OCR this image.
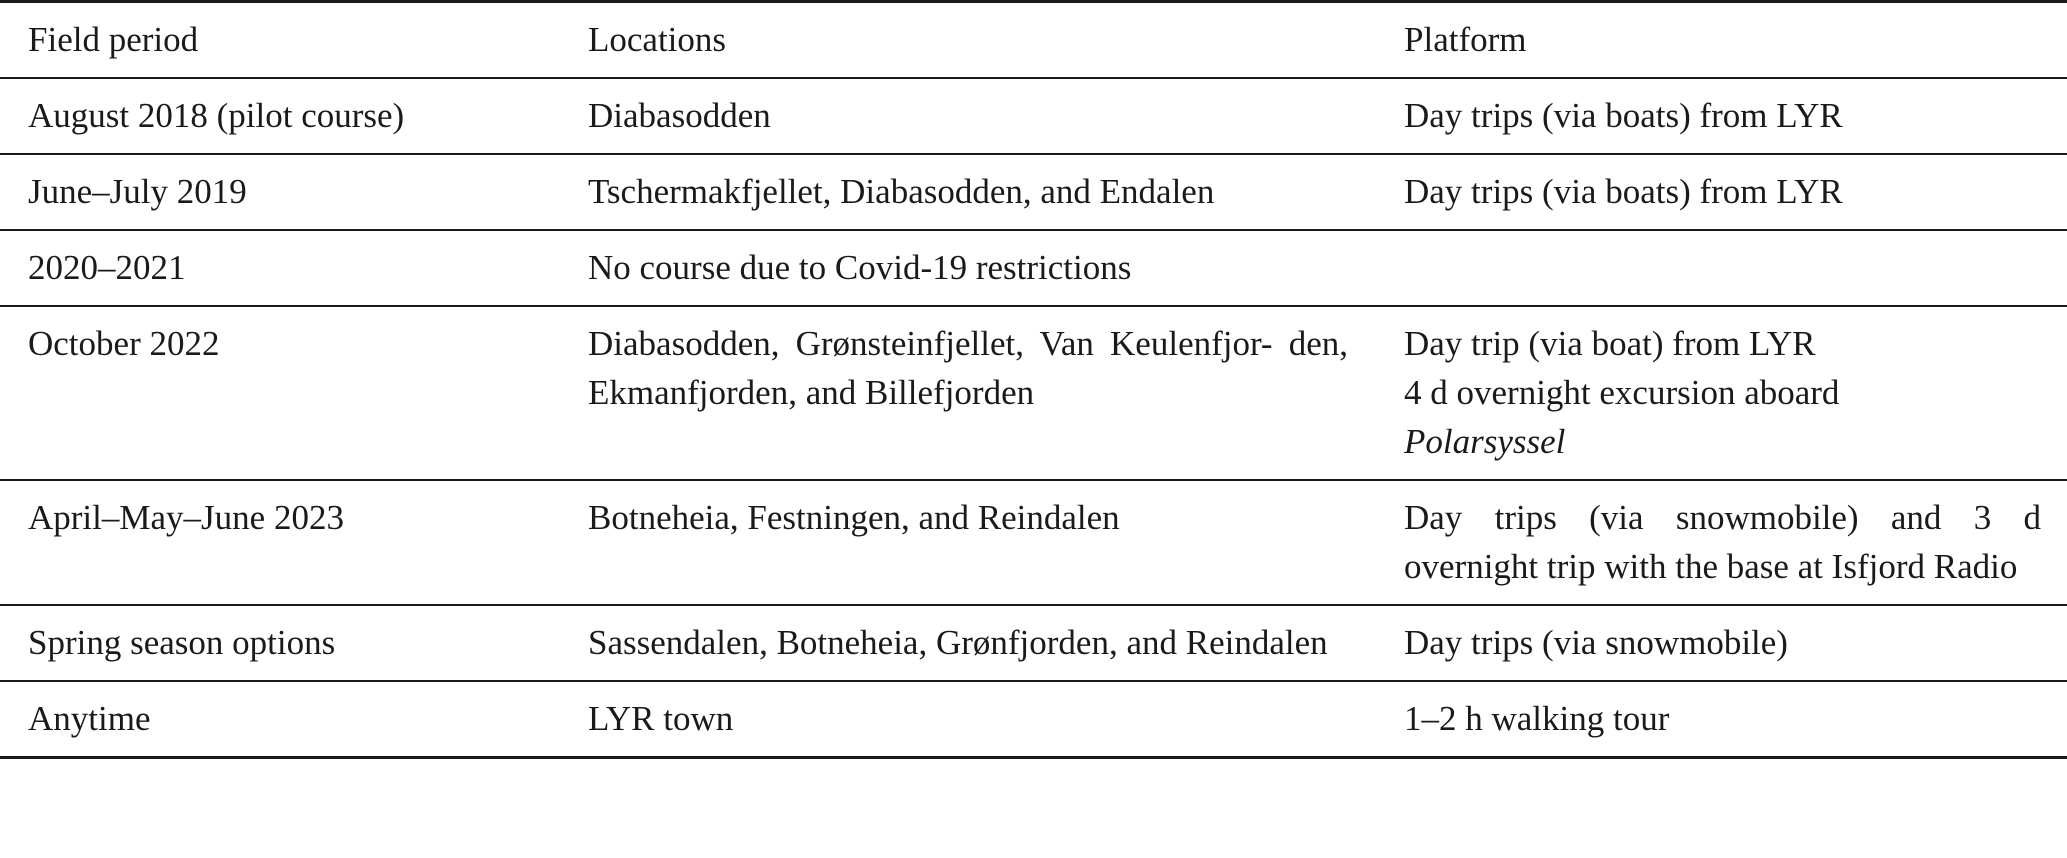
Field period	Locations	Platform
August 2018 (pilot course)	Diabasodden	Day trips (via boats) from LYR
June–July 2019	Tschermakfjellet, Diabasodden, and Endalen	Day trips (via boats) from LYR
2020–2021	No course due to Covid-19 restrictions	
October 2022	Diabasodden, Grønsteinfjellet, Van Keulenfjor- den, Ekmanfjorden, and Billefjorden	Day trip (via boat) from LYR
4 d overnight excursion aboard
Polarsyssel

April–May–June 2023	Botneheia, Festningen, and Reindalen	Day trips (via snowmobile) and 3 d overnight trip with the base at Isfjord Radio
Spring season options	Sassendalen, Botneheia, Grønfjorden, and Reindalen	Day trips (via snowmobile)
Anytime	LYR town	1–2 h walking tour
